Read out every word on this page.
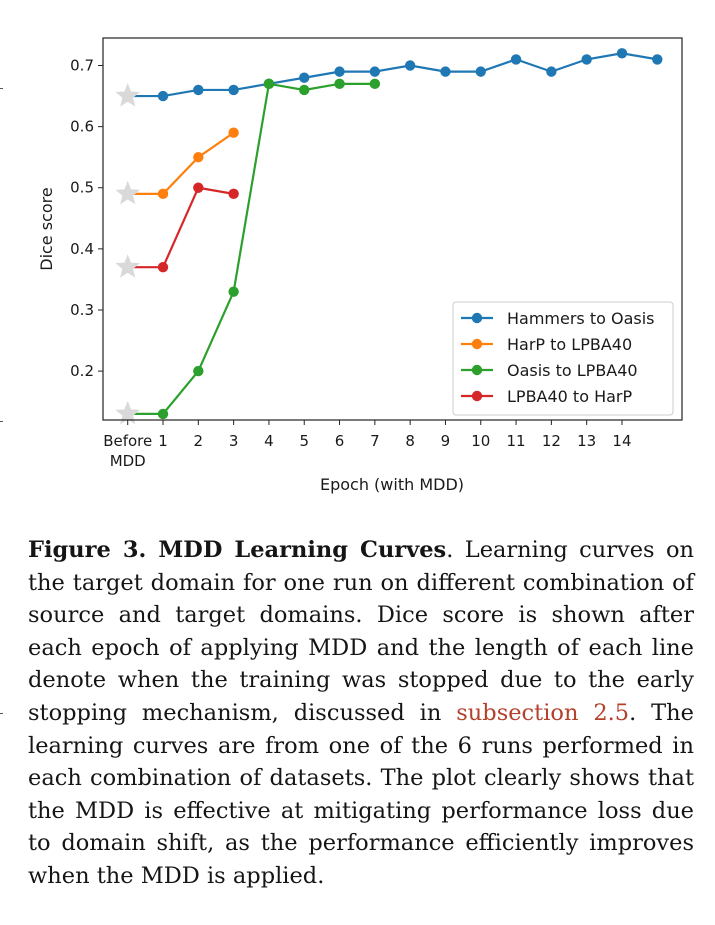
0.2
0.3
0.4
0.5
0.6
0.7
Before
MDD
1 2 3 4 5 6 7 8 9 10 11 12 13 14
Hammers to Oasis
HarP to LPBA40
Oasis to LPBA40
LPBA40 to HarP
Dice score
Epoch (with MDD)

Figure 3. MDD Learning Curves. Learning curves on the target domain for one run on different combination of source and target domains. Dice score is shown after each epoch of applying MDD and the length of each line denote when the training was stopped due to the early stopping mechanism, discussed in subsection 2.5. The learning curves are from one of the 6 runs performed in each combination of datasets. The plot clearly shows that the MDD is effective at mitigating performance loss due to domain shift, as the performance efficiently improves when the MDD is applied.
